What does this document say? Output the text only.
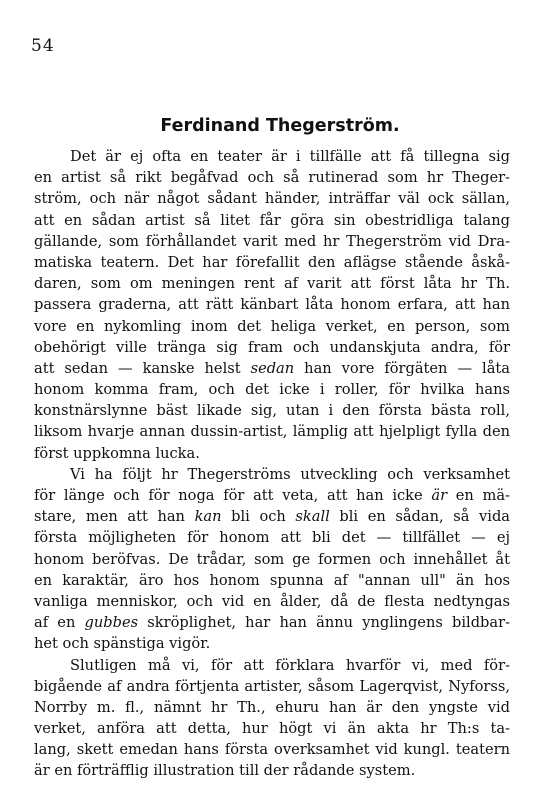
54
Ferdinand Thegerström.
Det är ej ofta en teater är i tillfälle att få tillegna sig
en artist så rikt begåfvad och så rutinerad som hr Theger-
ström, och när något sådant händer, inträffar väl ock sällan,
att en sådan artist så litet får göra sin obestridliga talang
gällande, som förhållandet varit med hr Thegerström vid Dra-
matiska teatern. Det har förefallit den aflägse stående åskå-
daren, som om meningen rent af varit att först låta hr Th.
passera graderna, att rätt känbart låta honom erfara, att han
vore en nykomling inom det heliga verket, en person, som
obehörigt ville tränga sig fram och undanskjuta andra, för
att sedan — kanske helst sedan han vore förgäten — låta
honom komma fram, och det icke i roller, för hvilka hans
konstnärslynne bäst likade sig, utan i den första bästa roll,
liksom hvarje annan dussin-artist, lämplig att hjelpligt fylla den
först uppkomna lucka.
Vi ha följt hr Thegerströms utveckling och verksamhet
för länge och för noga för att veta, att han icke är en mä-
stare, men att han kan bli och skall bli en sådan, så vida
första möjligheten för honom att bli det — tillfället — ej
honom beröfvas. De trådar, som ge formen och innehållet åt
en karaktär, äro hos honom spunna af "annan ull" än hos
vanliga menniskor, och vid en ålder, då de flesta nedtyngas
af en gubbes skröplighet, har han ännu ynglingens bildbar-
het och spänstiga vigör.
Slutligen må vi, för att förklara hvarför vi, med för-
bigående af andra förtjenta artister, såsom Lagerqvist, Nyforss,
Norrby m. fl., nämnt hr Th., ehuru han är den yngste vid
verket, anföra att detta, hur högt vi än akta hr Th:s ta-
lang, skett emedan hans första overksamhet vid kungl. teatern
är en förträfflig illustration till der rådande system.
